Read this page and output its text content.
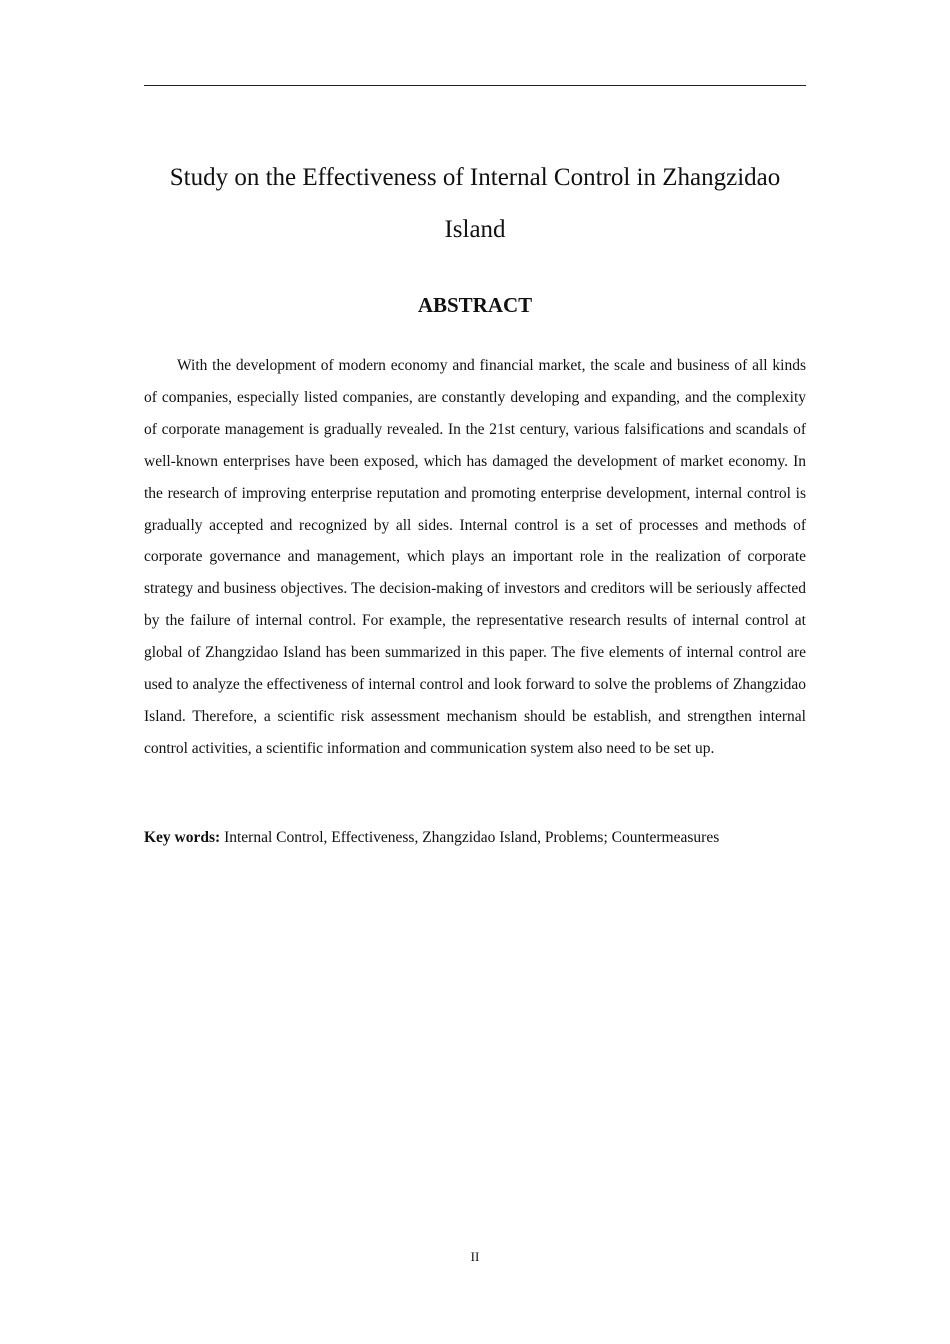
Study on the Effectiveness of Internal Control in Zhangzidao Island
ABSTRACT

With the development of modern economy and financial market, the scale and business of all kinds of companies, especially listed companies, are constantly developing and expanding, and the complexity of corporate management is gradually revealed. In the 21st century, various falsifications and scandals of well-known enterprises have been exposed, which has damaged the development of market economy. In the research of improving enterprise reputation and promoting enterprise development, internal control is gradually accepted and recognized by all sides. Internal control is a set of processes and methods of corporate governance and management, which plays an important role in the realization of corporate strategy and business objectives. The decision-making of investors and creditors will be seriously affected by the failure of internal control. For example, the representative research results of internal control at global of Zhangzidao Island has been summarized in this paper. The five elements of internal control are used to analyze the effectiveness of internal control and look forward to solve the problems of Zhangzidao Island. Therefore, a scientific risk assessment mechanism should be establish, and strengthen internal control activities, a scientific information and communication system also need to be set up.

Key words: Internal Control, Effectiveness, Zhangzidao Island, Problems; Countermeasures

II
